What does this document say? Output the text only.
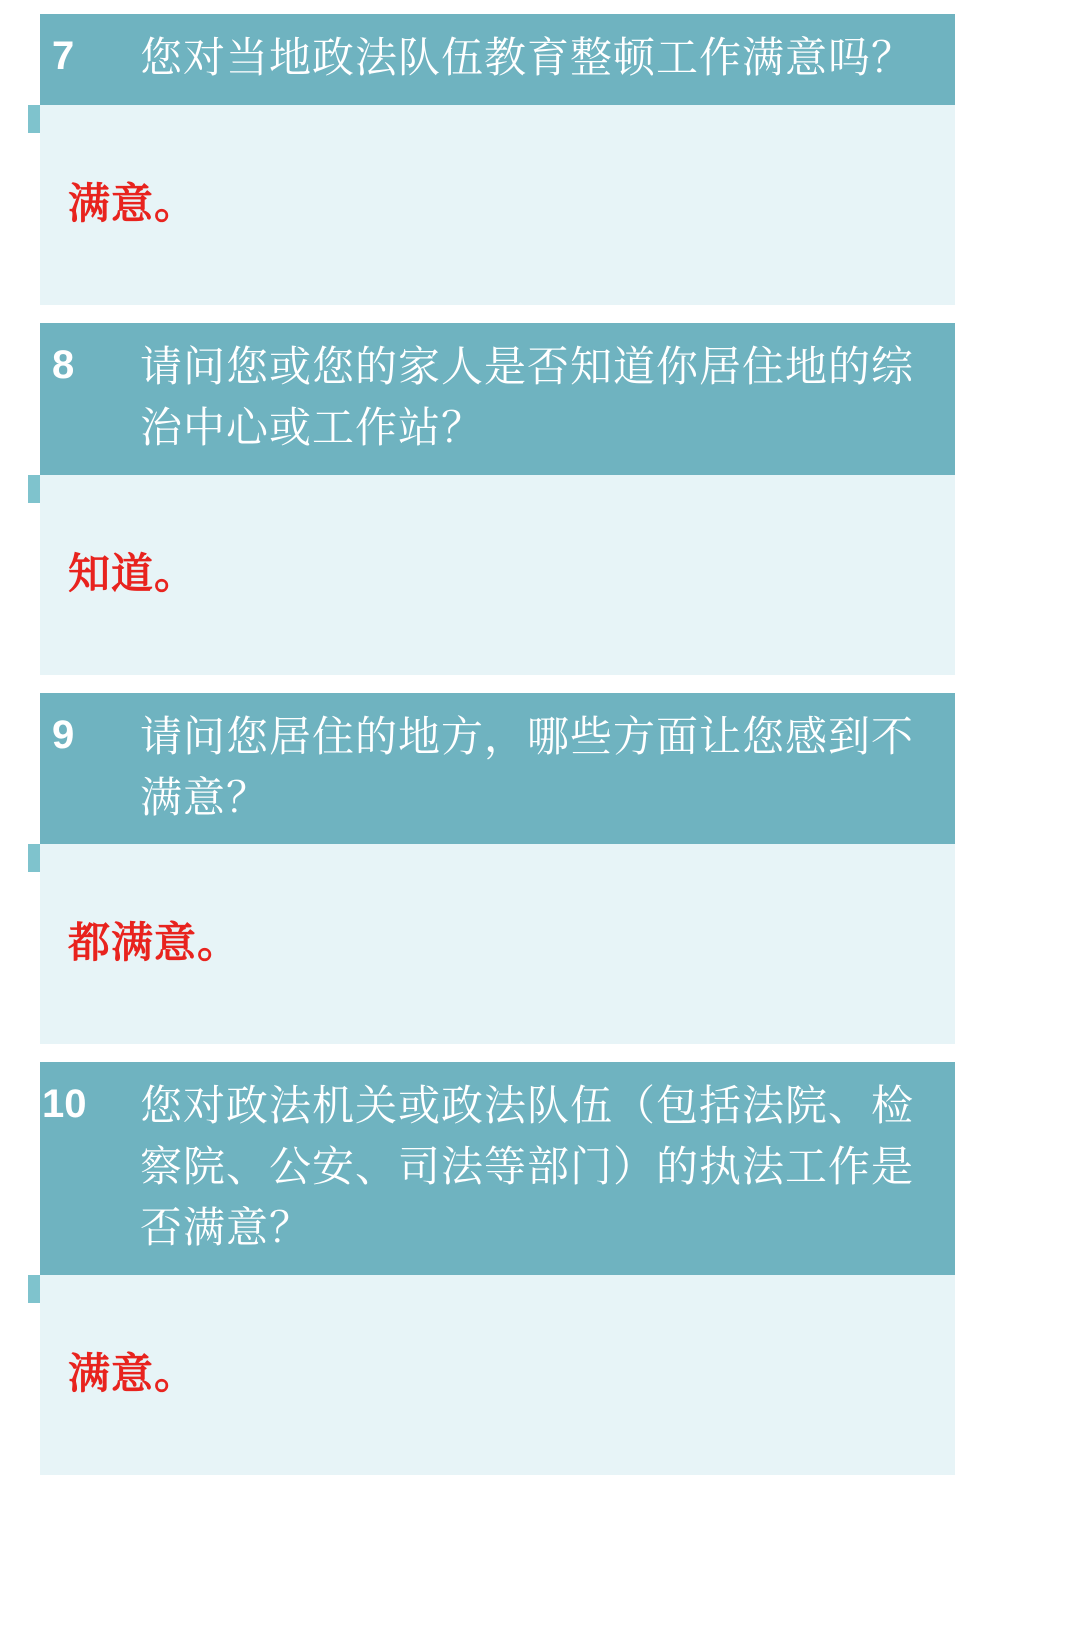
7	您对当地政法队伍教育整顿工作满意吗？
满意。
8	请问您或您的家人是否知道你居住地的综治中心或工作站？
知道。
9	请问您居住的地方，哪些方面让您感到不满意？
都满意。
10	您对政法机关或政法队伍（包括法院、检察院、公安、司法等部门）的执法工作是否满意？
满意。
